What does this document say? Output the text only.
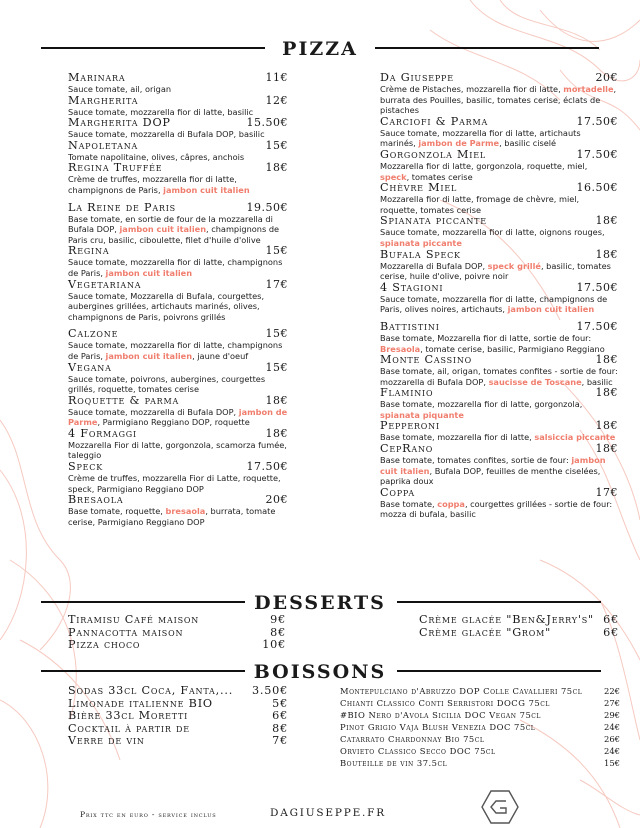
PIZZA
Marinara	11€
Sauce tomate, ail, origan
Margherita	12€
Sauce tomate, mozzarella fior di latte, basilic
Margherita DOP	15.50€
Sauce tomate, mozzarella di Bufala DOP, basilic
Napoletana	15€
Tomate napolitaine, olives, câpres, anchois
Regina Truffée	18€
Crème de truffes, mozzarella fior di latte, champignons de Paris, jambon cuit italien
La Reine de Paris	19.50€
Base tomate, en sortie de four de la mozzarella di Bufala DOP, jambon cuit italien, champignons de Paris cru, basilic, ciboulette, filet d'huile d'olive
Regina	15€
Sauce tomate, mozzarella fior di latte, champignons de Paris, jambon cuit italien
Vegetariana	17€
Sauce tomate, Mozzarella di Bufala, courgettes, aubergines grillées, artichauts marinés, olives, champignons de Paris, poivrons grillés
Calzone	15€
Sauce tomate, mozzarella fior di latte, champignons de Paris, jambon cuit italien, jaune d'oeuf
Vegana	15€
Sauce tomate, poivrons, aubergines, courgettes grillés, roquette, tomates cerise
Roquette & parma	18€
Sauce tomate, mozzarella di Bufala DOP, jambon de Parme, Parmigiano Reggiano DOP, roquette
4 Formaggi	18€
Mozzarella Fior di latte, gorgonzola, scamorza fumée, taleggio
Speck	17.50€
Crème de truffes, mozzarella Fior di Latte, roquette, speck, Parmigiano Reggiano DOP
Bresaola	20€
Base tomate, roquette, bresaola, burrata, tomate cerise, Parmigiano Reggiano DOP
Da Giuseppe	20€
Crème de Pistaches, mozzarella fior di latte, mortadelle, burrata des Pouilles, basilic, tomates cerise, éclats de pistaches
Carciofi & Parma	17.50€
Sauce tomate, mozzarella fior di latte, artichauts marinés, jambon de Parme, basilic ciselé
Gorgonzola Miel	17.50€
Mozzarella fior di latte, gorgonzola, roquette, miel, speck, tomates cerise
Chèvre Miel	16.50€
Mozzarella fior di latte, fromage de chèvre, miel, roquette, tomates cerise
Spianata piccante	18€
Sauce tomate, mozzarella fior di latte, oignons rouges, spianata piccante
Bufala Speck	18€
Mozzarella di Bufala DOP, speck grillé, basilic, tomates cerise, huile d'olive, poivre noir
4 Stagioni	17.50€
Sauce tomate, mozzarella fior di latte, champignons de Paris, olives noires, artichauts, jambon cuit italien
Battistini	17.50€
Base tomate, Mozzarella fior di latte, sortie de four: Bresaola, tomate cerise, basilic, Parmigiano Reggiano
Monte Cassino	18€
Base tomate, ail, origan, tomates confites - sortie de four: mozzarella di Bufala DOP, saucisse de Toscane, basilic
Flaminio	18€
Base tomate, mozzarella fior di latte, gorgonzola, spianata piquante
Pepperoni	18€
Base tomate, mozzarella fior di latte, salsiccia piccante
CepRano	18€
Base tomate, tomates confites, sortie de four: jambon cuit italien, Bufala DOP, feuilles de menthe ciselées, paprika doux
Coppa	17€
Base tomate, coppa, courgettes grillées - sortie de four: mozza di bufala, basilic
DESSERTS
Tiramisu Café maison	9€
Pannacotta maison	8€
Pizza choco	10€
Crème glacée "Ben&Jerry's" 6€
Crème glacée "Grom"	6€
BOISSONS
Sodas 33cl Coca, Fanta,... 3.50€
Limonade italienne BIO	5€
Bière 33cl Moretti	6€
Cocktail à partir de	8€
Verre de vin	7€
Montepulciano d'Abruzzo DOP Colle Cavallieri 75cl	22€
Chianti Classico Conti Serristori DOCG 75cl	27€
#BIO Nero d'Avola Sicilia DOC Vegan 75cl	29€
Pinot Grigio Vaja Blush Venezia DOC 75cl	24€
Catarrato Chardonnay Bio 75cl	26€
Orvieto Classico Secco DOC 75cl	24€
Bouteille de vin 37.5cl	15€
Prix ttc en euro - service inclus	DAGIUSEPPE.FR
